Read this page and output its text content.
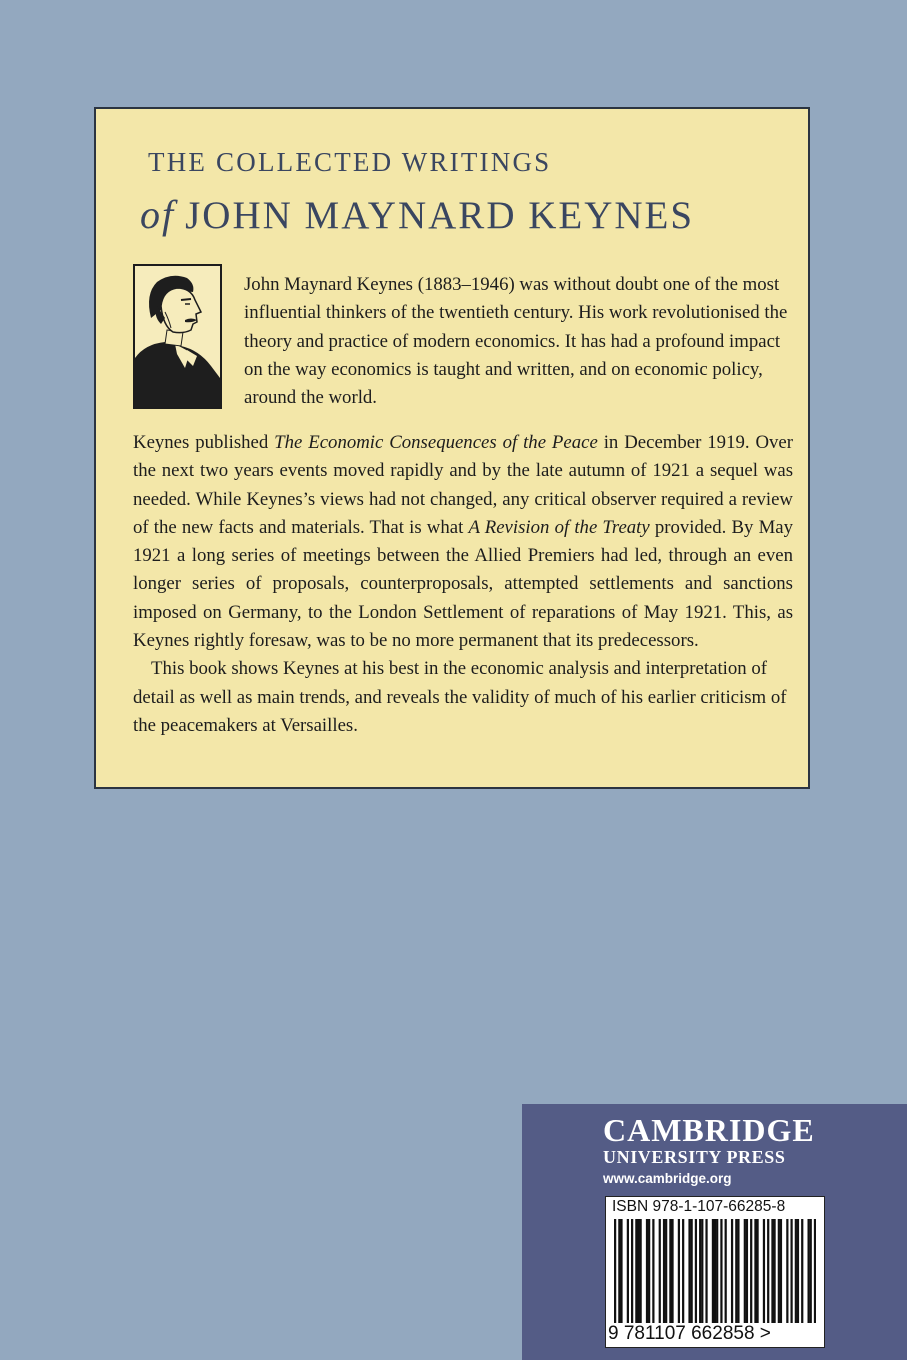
THE COLLECTED WRITINGS
of JOHN MAYNARD KEYNES

John Maynard Keynes (1883–1946) was without doubt one of the most influential thinkers of the twentieth century. His work revolutionised the theory and practice of modern economics. It has had a profound impact on the way economics is taught and written, and on economic policy, around the world.

Keynes published The Economic Consequences of the Peace in December 1919. Over the next two years events moved rapidly and by the late autumn of 1921 a sequel was needed. While Keynes’s views had not changed, any critical observer required a review of the new facts and materials. That is what A Revision of the Treaty provided. By May 1921 a long series of meetings between the Allied Premiers had led, through an even longer series of proposals, counterproposals, attempted settlements and sanctions imposed on Germany, to the London Settlement of reparations of May 1921. This, as Keynes rightly foresaw, was to be no more permanent that its predecessors.

This book shows Keynes at his best in the economic analysis and interpretation of detail as well as main trends, and reveals the validity of much of his earlier criticism of the peacemakers at Versailles.

CAMBRIDGE
UNIVERSITY PRESS
www.cambridge.org
ISBN 978-1-107-66285-8
9 781107 662858 >
